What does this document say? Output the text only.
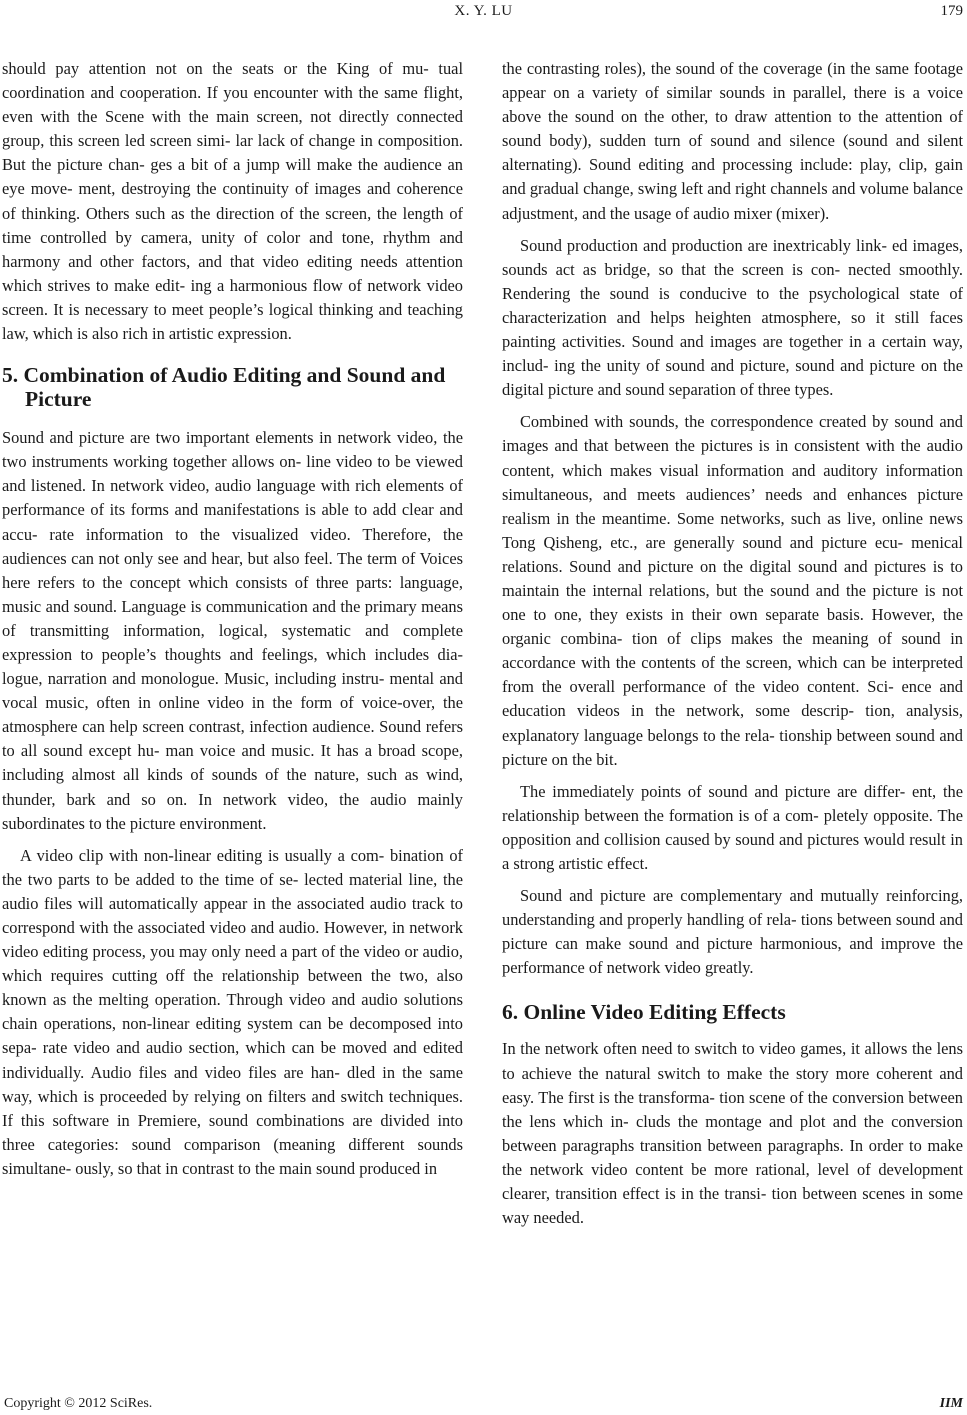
X. Y. LU	179

should pay attention not on the seats or the King of mu- tual coordination and cooperation. If you encounter with the same flight, even with the Scene with the main screen, not directly connected group, this screen led screen simi- lar lack of change in composition. But the picture chan- ges a bit of a jump will make the audience an eye move- ment, destroying the continuity of images and coherence of thinking. Others such as the direction of the screen, the length of time controlled by camera, unity of color and tone, rhythm and harmony and other factors, and that video editing needs attention which strives to make edit- ing a harmonious flow of network video screen. It is necessary to meet people’s logical thinking and teaching law, which is also rich in artistic expression.

5. Combination of Audio Editing and Sound and Picture

Sound and picture are two important elements in network video, the two instruments working together allows on- line video to be viewed and listened. In network video, audio language with rich elements of performance of its forms and manifestations is able to add clear and accu- rate information to the visualized video. Therefore, the audiences can not only see and hear, but also feel. The term of Voices here refers to the concept which consists of three parts: language, music and sound. Language is communication and the primary means of transmitting information, logical, systematic and complete expression to people’s thoughts and feelings, which includes dia- logue, narration and monologue. Music, including instru- mental and vocal music, often in online video in the form of voice-over, the atmosphere can help screen contrast, infection audience. Sound refers to all sound except hu- man voice and music. It has a broad scope, including almost all kinds of sounds of the nature, such as wind, thunder, bark and so on. In network video, the audio mainly subordinates to the picture environment.

A video clip with non-linear editing is usually a com- bination of the two parts to be added to the time of se- lected material line, the audio files will automatically appear in the associated audio track to correspond with the associated video and audio. However, in network video editing process, you may only need a part of the video or audio, which requires cutting off the relationship between the two, also known as the melting operation. Through video and audio solutions chain operations, non-linear editing system can be decomposed into sepa- rate video and audio section, which can be moved and edited individually. Audio files and video files are han- dled in the same way, which is proceeded by relying on filters and switch techniques. If this software in Premiere, sound combinations are divided into three categories: sound comparison (meaning different sounds simultane- ously, so that in contrast to the main sound produced in

the contrasting roles), the sound of the coverage (in the same footage appear on a variety of similar sounds in parallel, there is a voice above the sound on the other, to draw attention to the attention of sound body), sudden turn of sound and silence (sound and silent alternating). Sound editing and processing include: play, clip, gain and gradual change, swing left and right channels and volume balance adjustment, and the usage of audio mixer (mixer).

Sound production and production are inextricably link- ed images, sounds act as bridge, so that the screen is con- nected smoothly. Rendering the sound is conducive to the psychological state of characterization and helps heighten atmosphere, so it still faces painting activities. Sound and images are together in a certain way, includ- ing the unity of sound and picture, sound and picture on the digital picture and sound separation of three types.

Combined with sounds, the correspondence created by sound and images and that between the pictures is in consistent with the audio content, which makes visual information and auditory information simultaneous, and meets audiences’ needs and enhances picture realism in the meantime. Some networks, such as live, online news Tong Qisheng, etc., are generally sound and picture ecu- menical relations. Sound and picture on the digital sound and pictures is to maintain the internal relations, but the sound and the picture is not one to one, they exists in their own separate basis. However, the organic combina- tion of clips makes the meaning of sound in accordance with the contents of the screen, which can be interpreted from the overall performance of the video content. Sci- ence and education videos in the network, some descrip- tion, analysis, explanatory language belongs to the rela- tionship between sound and picture on the bit.

The immediately points of sound and picture are differ- ent, the relationship between the formation is of a com- pletely opposite. The opposition and collision caused by sound and pictures would result in a strong artistic effect.

Sound and picture are complementary and mutually reinforcing, understanding and properly handling of rela- tions between sound and picture can make sound and picture harmonious, and improve the performance of network video greatly.

6. Online Video Editing Effects

In the network often need to switch to video games, it allows the lens to achieve the natural switch to make the story more coherent and easy. The first is the transforma- tion scene of the conversion between the lens which in- cluds the montage and plot and the conversion between paragraphs transition between paragraphs. In order to make the network video content be more rational, level of development clearer, transition effect is in the transi- tion between scenes in some way needed.

Copyright © 2012 SciRes.	IIM
